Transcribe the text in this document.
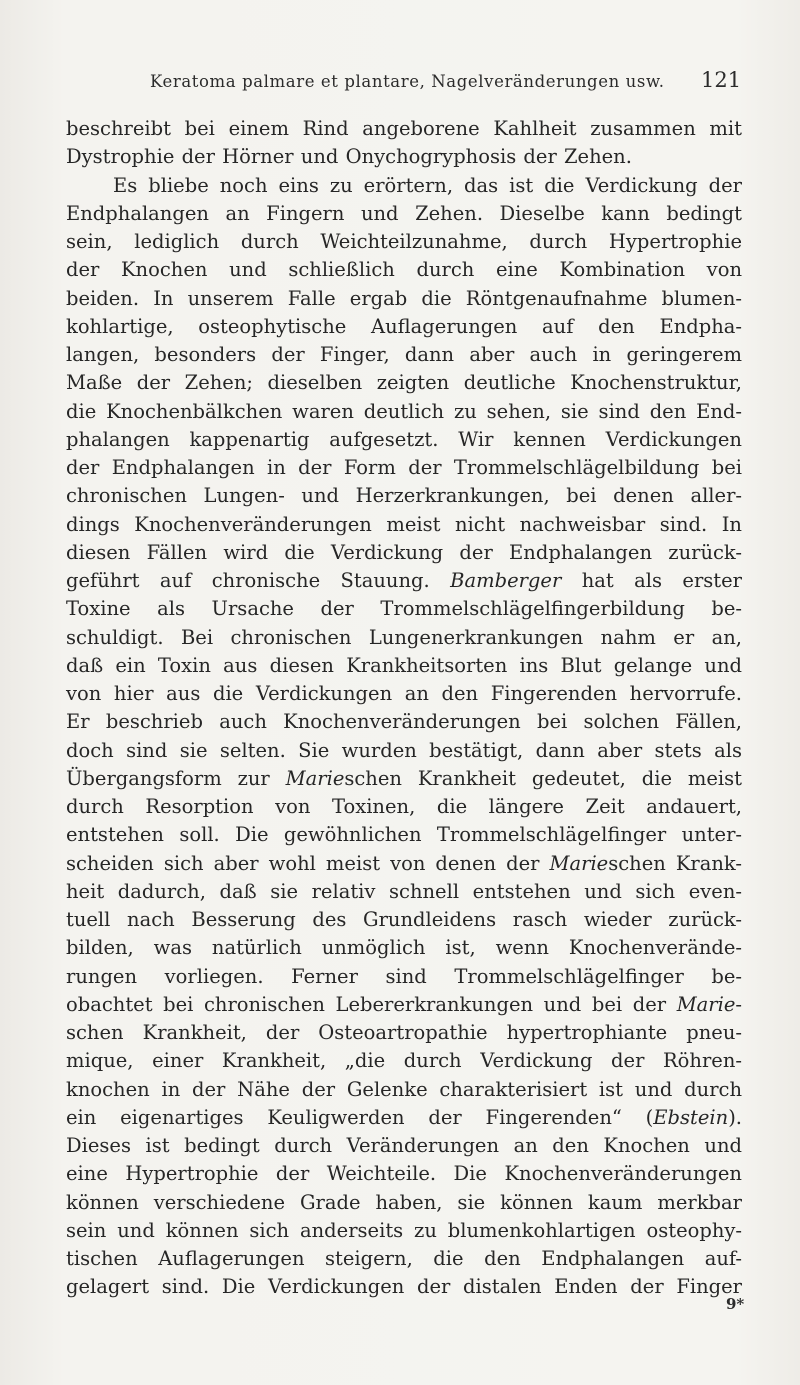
Keratoma palmare et plantare, Nagelveränderungen usw. 121
beschreibt bei einem Rind angeborene Kahlheit zusammen mit
Dystrophie der Hörner und Onychogryphosis der Zehen.
Es bliebe noch eins zu erörtern, das ist die Verdickung der
Endphalangen an Fingern und Zehen. Dieselbe kann bedingt
sein, lediglich durch Weichteilzunahme, durch Hypertrophie
der Knochen und schließlich durch eine Kombination von
beiden. In unserem Falle ergab die Röntgenaufnahme blumen-
kohlartige, osteophytische Auflagerungen auf den Endpha-
langen, besonders der Finger, dann aber auch in geringerem
Maße der Zehen; dieselben zeigten deutliche Knochenstruktur,
die Knochenbälkchen waren deutlich zu sehen, sie sind den End-
phalangen kappenartig aufgesetzt. Wir kennen Verdickungen
der Endphalangen in der Form der Trommelschlägelbildung bei
chronischen Lungen- und Herzerkrankungen, bei denen aller-
dings Knochenveränderungen meist nicht nachweisbar sind. In
diesen Fällen wird die Verdickung der Endphalangen zurück-
geführt auf chronische Stauung. Bamberger hat als erster
Toxine als Ursache der Trommelschlägelfingerbildung be-
schuldigt. Bei chronischen Lungenerkrankungen nahm er an,
daß ein Toxin aus diesen Krankheitsorten ins Blut gelange und
von hier aus die Verdickungen an den Fingerenden hervorrufe.
Er beschrieb auch Knochenveränderungen bei solchen Fällen,
doch sind sie selten. Sie wurden bestätigt, dann aber stets als
Übergangsform zur Marieschen Krankheit gedeutet, die meist
durch Resorption von Toxinen, die längere Zeit andauert,
entstehen soll. Die gewöhnlichen Trommelschlägelfinger unter-
scheiden sich aber wohl meist von denen der Marieschen Krank-
heit dadurch, daß sie relativ schnell entstehen und sich even-
tuell nach Besserung des Grundleidens rasch wieder zurück-
bilden, was natürlich unmöglich ist, wenn Knochenverände-
rungen vorliegen. Ferner sind Trommelschlägelfinger be-
obachtet bei chronischen Lebererkrankungen und bei der Marie-
schen Krankheit, der Osteoartropathie hypertrophiante pneu-
mique, einer Krankheit, „die durch Verdickung der Röhren-
knochen in der Nähe der Gelenke charakterisiert ist und durch
ein eigenartiges Keuligwerden der Fingerenden“ (Ebstein).
Dieses ist bedingt durch Veränderungen an den Knochen und
eine Hypertrophie der Weichteile. Die Knochenveränderungen
können verschiedene Grade haben, sie können kaum merkbar
sein und können sich anderseits zu blumenkohlartigen osteophy-
tischen Auflagerungen steigern, die den Endphalangen auf-
gelagert sind. Die Verdickungen der distalen Enden der Finger
9*
